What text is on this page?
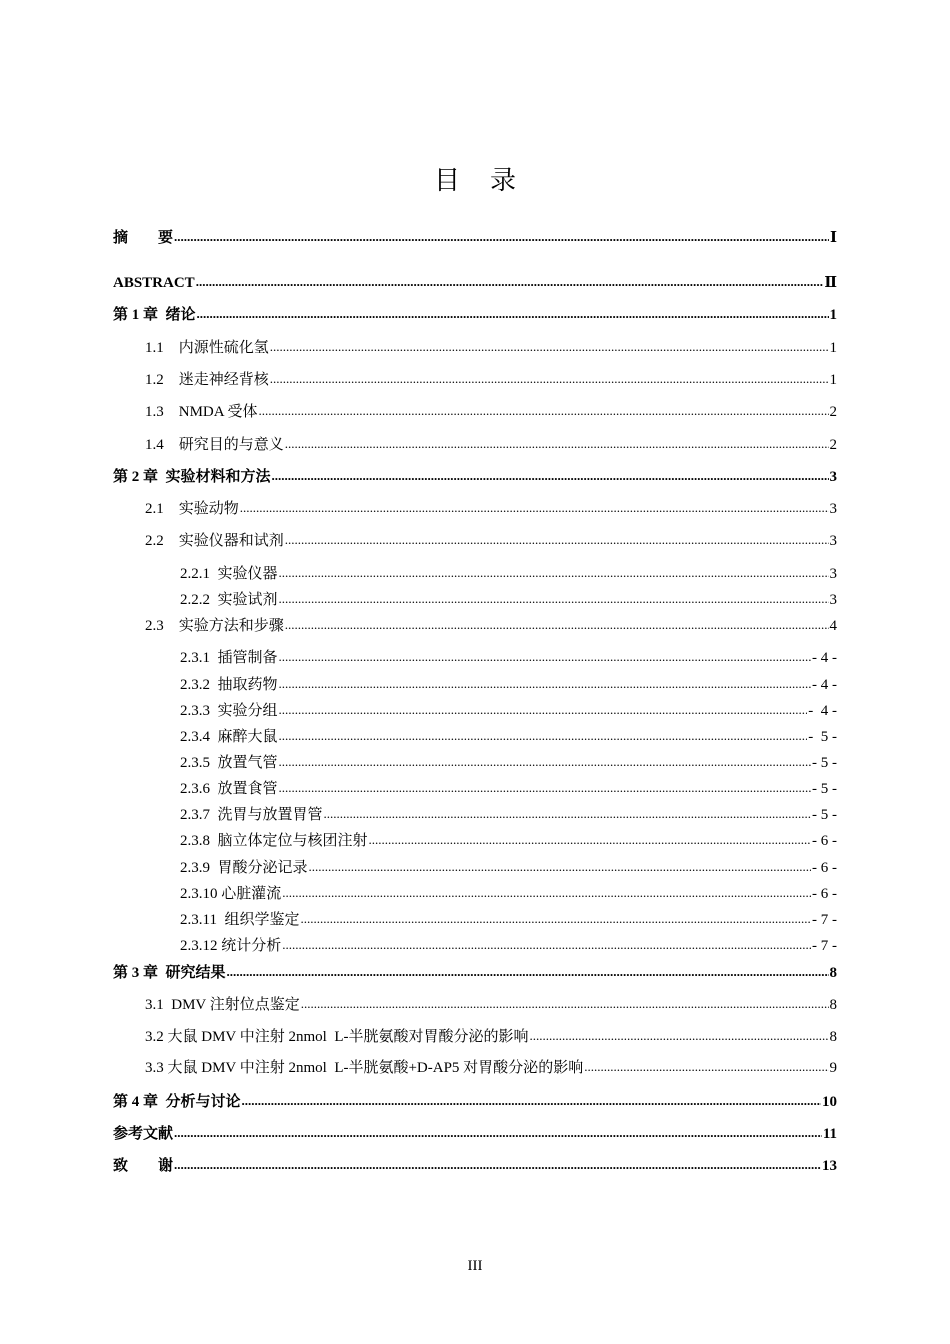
目 录
摘　　要 .....	Ⅰ
ABSTRACT .....	Ⅱ
第 1 章  绪论 .....	1
1.1    内源性硫化氢 .....	1
1.2    迷走神经背核 .....	1
1.3    NMDA 受体 .....	2
1.4    研究目的与意义 .....	2
第 2 章  实验材料和方法 .....	3
2.1    实验动物 .....	3
2.2    实验仪器和试剂 .....	3
2.2.1  实验仪器 .....	3
2.2.2  实验试剂 .....	3
2.3    实验方法和步骤 .....	4
2.3.1  插管制备 .....	- 4 -
2.3.2  抽取药物 .....	- 4 -
2.3.3  实验分组 .....	-  4 -
2.3.4  麻醉大鼠 .....	-  5 -
2.3.5  放置气管 .....	- 5 -
2.3.6  放置食管 .....	- 5 -
2.3.7  洗胃与放置胃管 .....	- 5 -
2.3.8  脑立体定位与核团注射 .....	- 6 -
2.3.9  胃酸分泌记录 .....	- 6 -
2.3.10 心脏灌流 .....	- 6 -
2.3.11  组织学鉴定 .....	- 7 -
2.3.12 统计分析 .....	- 7 -
第 3 章  研究结果 .....	8
3.1  DMV 注射位点鉴定 .....	8
3.2 大鼠 DMV 中注射 2nmol  L-半胱氨酸对胃酸分泌的影响 .....	8
3.3 大鼠 DMV 中注射 2nmol  L-半胱氨酸+D-AP5 对胃酸分泌的影响 .....	9
第 4 章  分析与讨论 .....	10
参考文献 .....	11
致　　谢 .....	13
III
